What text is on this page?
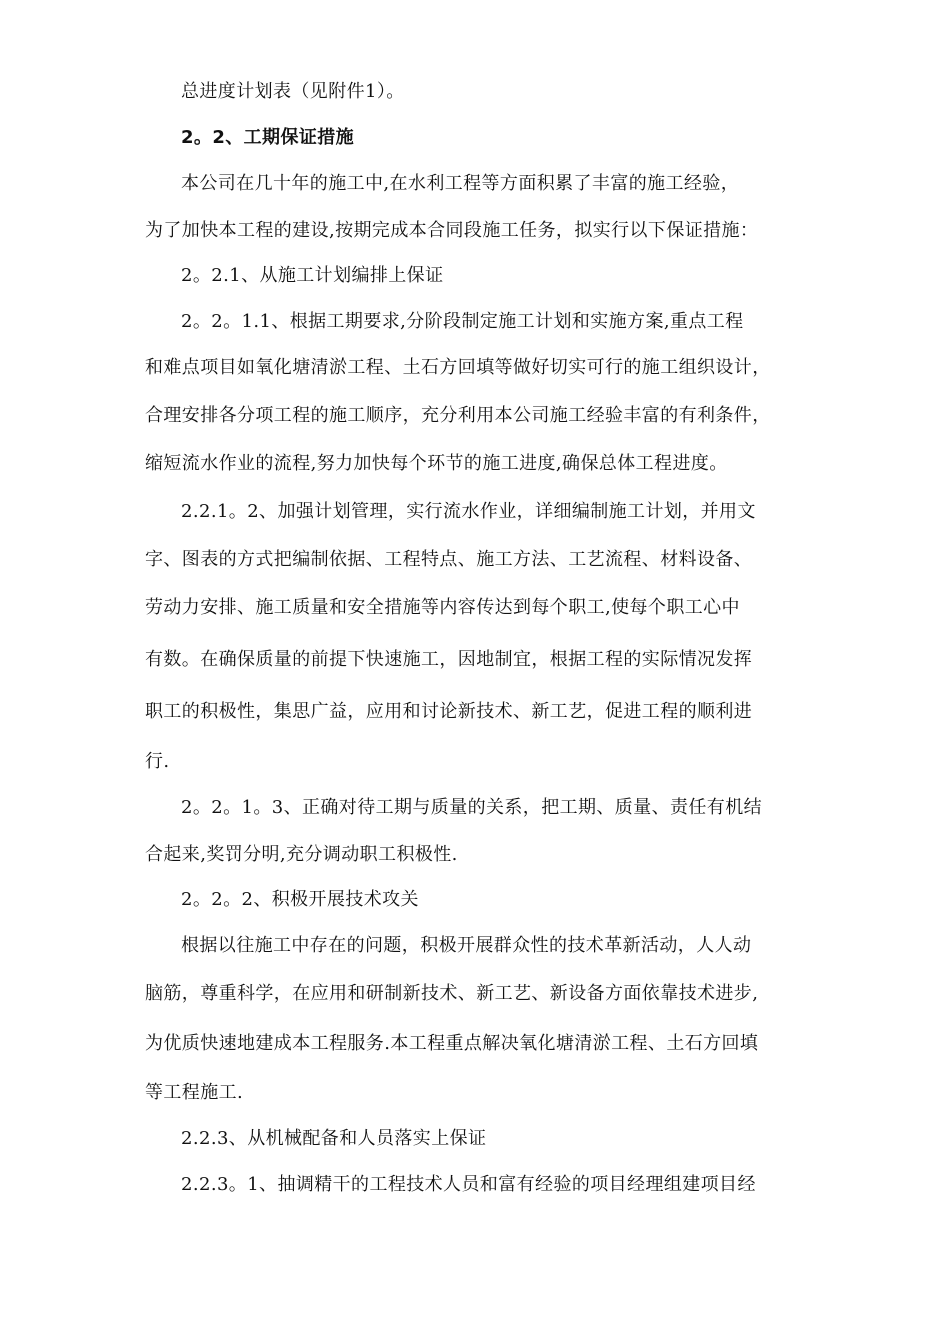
总进度计划表（见附件1）。
2。2、工期保证措施
本公司在几十年的施工中,在水利工程等方面积累了丰富的施工经验，
为了加快本工程的建设,按期完成本合同段施工任务，拟实行以下保证措施：
2。2.1、从施工计划编排上保证
2。2。1.1、根据工期要求,分阶段制定施工计划和实施方案,重点工程
和难点项目如氧化塘清淤工程、土石方回填等做好切实可行的施工组织设计，
合理安排各分项工程的施工顺序，充分利用本公司施工经验丰富的有利条件，
缩短流水作业的流程,努力加快每个环节的施工进度,确保总体工程进度。
2.2.1。2、加强计划管理，实行流水作业，详细编制施工计划，并用文
字、图表的方式把编制依据、工程特点、施工方法、工艺流程、材料设备、
劳动力安排、施工质量和安全措施等内容传达到每个职工,使每个职工心中
有数。在确保质量的前提下快速施工，因地制宜，根据工程的实际情况发挥
职工的积极性，集思广益，应用和讨论新技术、新工艺，促进工程的顺利进
行.
2。2。1。3、正确对待工期与质量的关系，把工期、质量、责任有机结
合起来,奖罚分明,充分调动职工积极性.
2。2。2、积极开展技术攻关
根据以往施工中存在的问题，积极开展群众性的技术革新活动，人人动
脑筋，尊重科学，在应用和研制新技术、新工艺、新设备方面依靠技术进步,
为优质快速地建成本工程服务.本工程重点解决氧化塘清淤工程、土石方回填
等工程施工.
2.2.3、从机械配备和人员落实上保证
2.2.3。1、抽调精干的工程技术人员和富有经验的项目经理组建项目经
